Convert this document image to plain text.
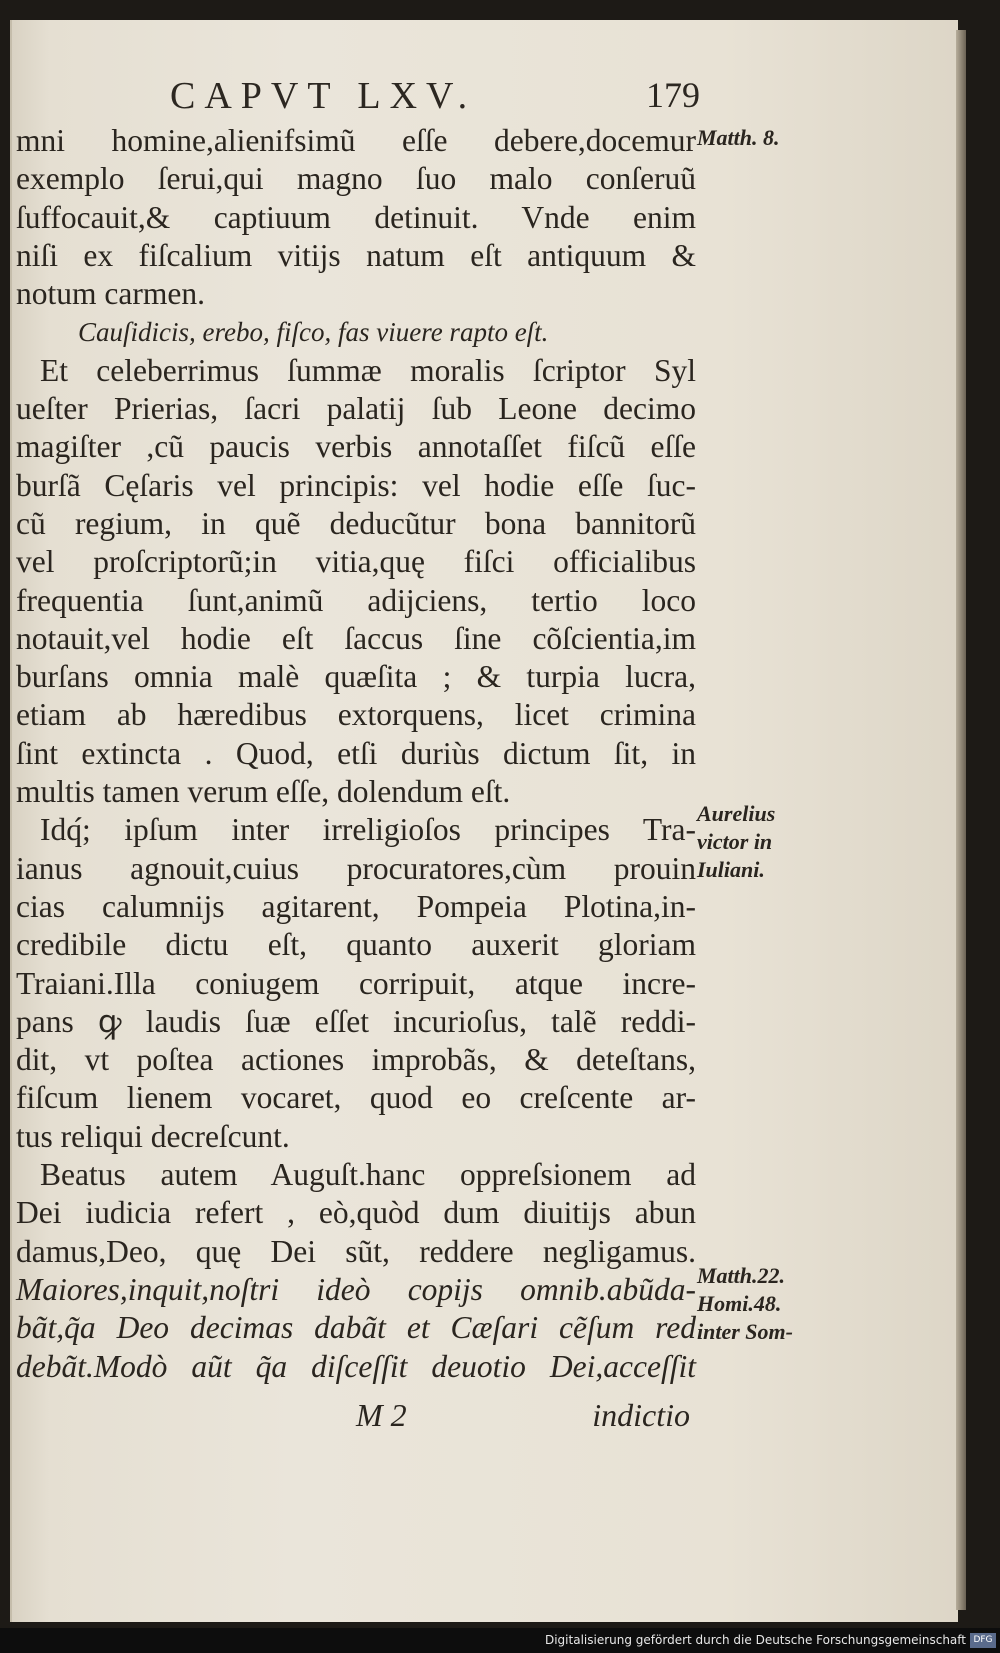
CAPVT LXV.	179
mni homine,alienifsimũ eſſe debere,docemur
exemplo ſerui,qui magno ſuo malo conſeruũ
ſuffocauit,& captiuum detinuit. Vnde enim
niſi ex fiſcalium vitijs natum eſt antiquum &
notum carmen.
Cauſidicis, erebo, fiſco, fas viuere rapto eſt.
Et celeberrimus ſummæ moralis ſcriptor Syl
ueſter Prierias, ſacri palatij ſub Leone decimo
magiſter ,cũ paucis verbis annotaſſet fiſcũ eſſe
burſã Cęſaris vel principis: vel hodie eſſe ſuc-
cũ regium, in quẽ deducũtur bona bannitorũ
vel proſcriptorũ;in vitia,quę fiſci officialibus
frequentia ſunt,animũ adijciens, tertio loco
notauit,vel hodie eſt ſaccus ſine cõſcientia,im
burſans omnia malè quæſita ; & turpia lucra,
etiam ab hæredibus extorquens, licet crimina
ſint extincta . Quod, etſi duriùs dictum ſit, in
multis tamen verum eſſe, dolendum eſt.
Idq́; ipſum inter irreligioſos principes Tra-
ianus agnouit,cuius procuratores,cùm prouin
cias calumnijs agitarent, Pompeia Plotina,in-
credibile dictu eſt, quanto auxerit gloriam
Traiani.Illa coniugem corripuit, atque incre-
pans ꝙ laudis ſuæ eſſet incurioſus, talẽ reddi-
dit, vt poſtea actiones improbãs, & deteſtans,
fiſcum lienem vocaret, quod eo creſcente ar-
tus reliqui decreſcunt.
Beatus autem Auguſt.hanc oppreſsionem ad
Dei iudicia refert , eò,quòd dum diuitijs abun
damus,Deo, quę Dei sũt, reddere negligamus.
Maiores,inquit,noſtri ideò copijs omnib.abũda-
bãt,q̃a Deo decimas dabãt et Cæſari cẽſum red
debãt.Modò aũt q̃a diſceſſit deuotio Dei,acceſſit
Matth. 8.
Aurelius
victor in
Iuliani.
Matth.22.
Homi.48.
inter Som-
M 2	indictio
Digitalisierung gefördert durch die Deutsche Forschungsgemeinschaft DFG
